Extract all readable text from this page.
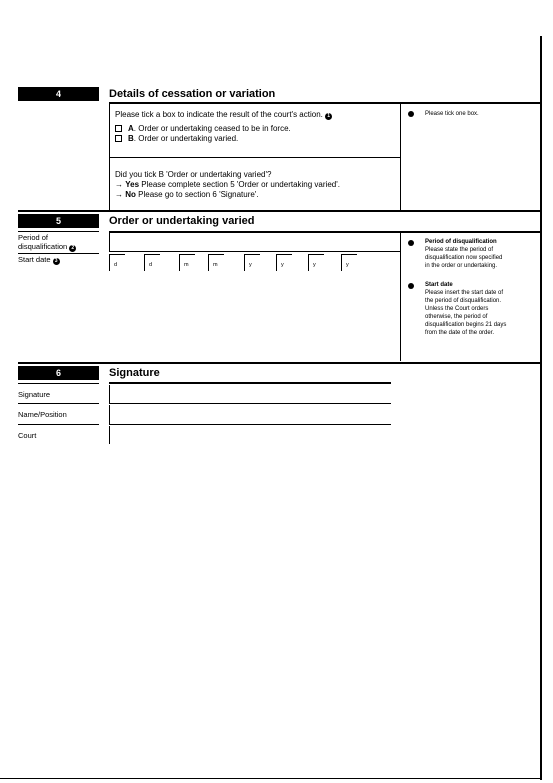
4	Details of cessation or variation
Please tick a box to indicate the result of the court's action. 1
A. Order or undertaking ceased to be in force.
B. Order or undertaking varied.
Did you tick B 'Order or undertaking varied'?
→ Yes Please complete section 5 'Order or undertaking varied'.
→ No Please go to section 6 'Signature'.
Please tick one box.
5	Order or undertaking varied
Period of
disqualification 2
Start date 3
d	d	m	m	y	y	y	y
Period of disqualification
Please state the period of
disqualification now specified
in the order or undertaking.
Start date
Please insert the start date of
the period of disqualification.
Unless the Court orders
otherwise, the period of
disqualification begins 21 days
from the date of the order.
6	Signature
Signature
Name/Position
Court
